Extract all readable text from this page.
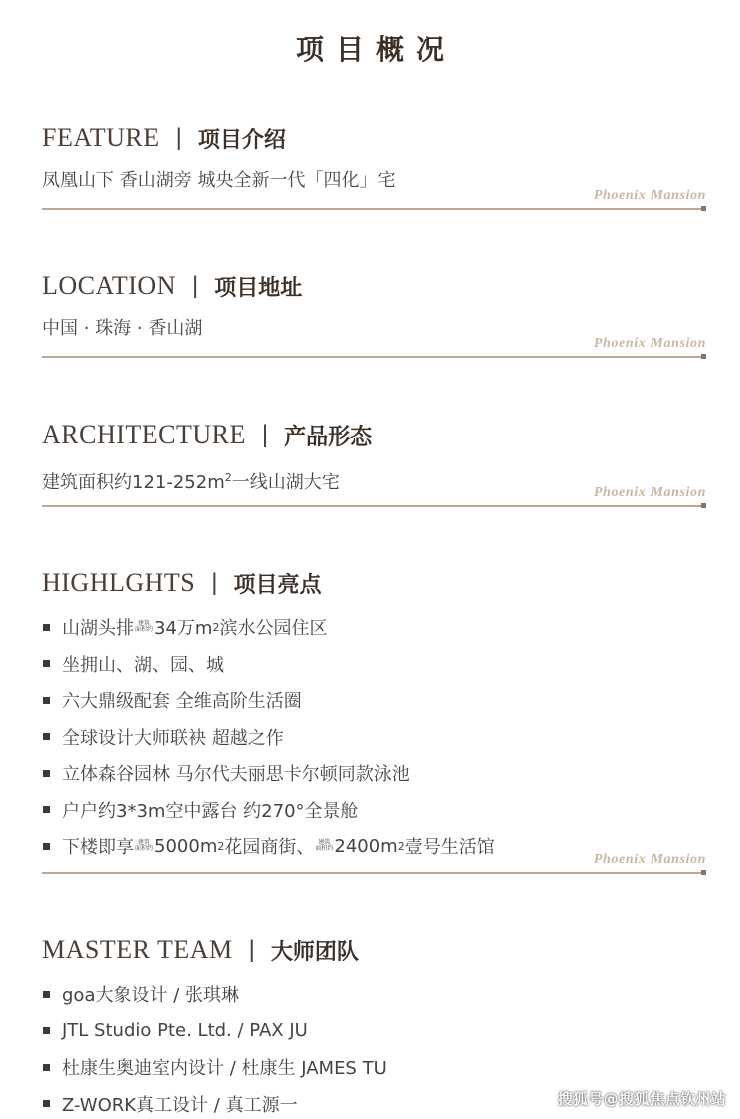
项目概况
FEATURE | 项目介绍
凤凰山下 香山湖旁 城央全新一代「四化」宅
Phoenix Mansion
LOCATION | 项目地址
中国 · 珠海 · 香山湖
Phoenix Mansion
ARCHITECTURE | 产品形态
建筑面积约$121-252m^2$一线山湖大宅	Phoenix Mansion
HIGHLGHTS | 项目亮点
山湖头排 建筑
面积约 34万m 2 滨水公园住区
坐拥山、湖、园、城
六大鼎级配套 全维高阶生活圈
全球设计大师联袂 超越之作
立体森谷园林 马尔代夫丽思卡尔顿同款泳池
户户约3*3m空中露台 约270°全景舱
下楼即享 建筑
面积约 5000m 2 花园商街、 建筑
面积约 2400m 2 壹号生活馆
Phoenix Mansion
MASTER TEAM | 大师团队
goa大象设计 / 张琪琳
JTL Studio Pte. Ltd. / PAX JU
杜康生奥迪室内设计 / 杜康生 JAMES TU
Z-WORK真工设计 / 真工源一	搜狐号@搜狐焦点钦州站
